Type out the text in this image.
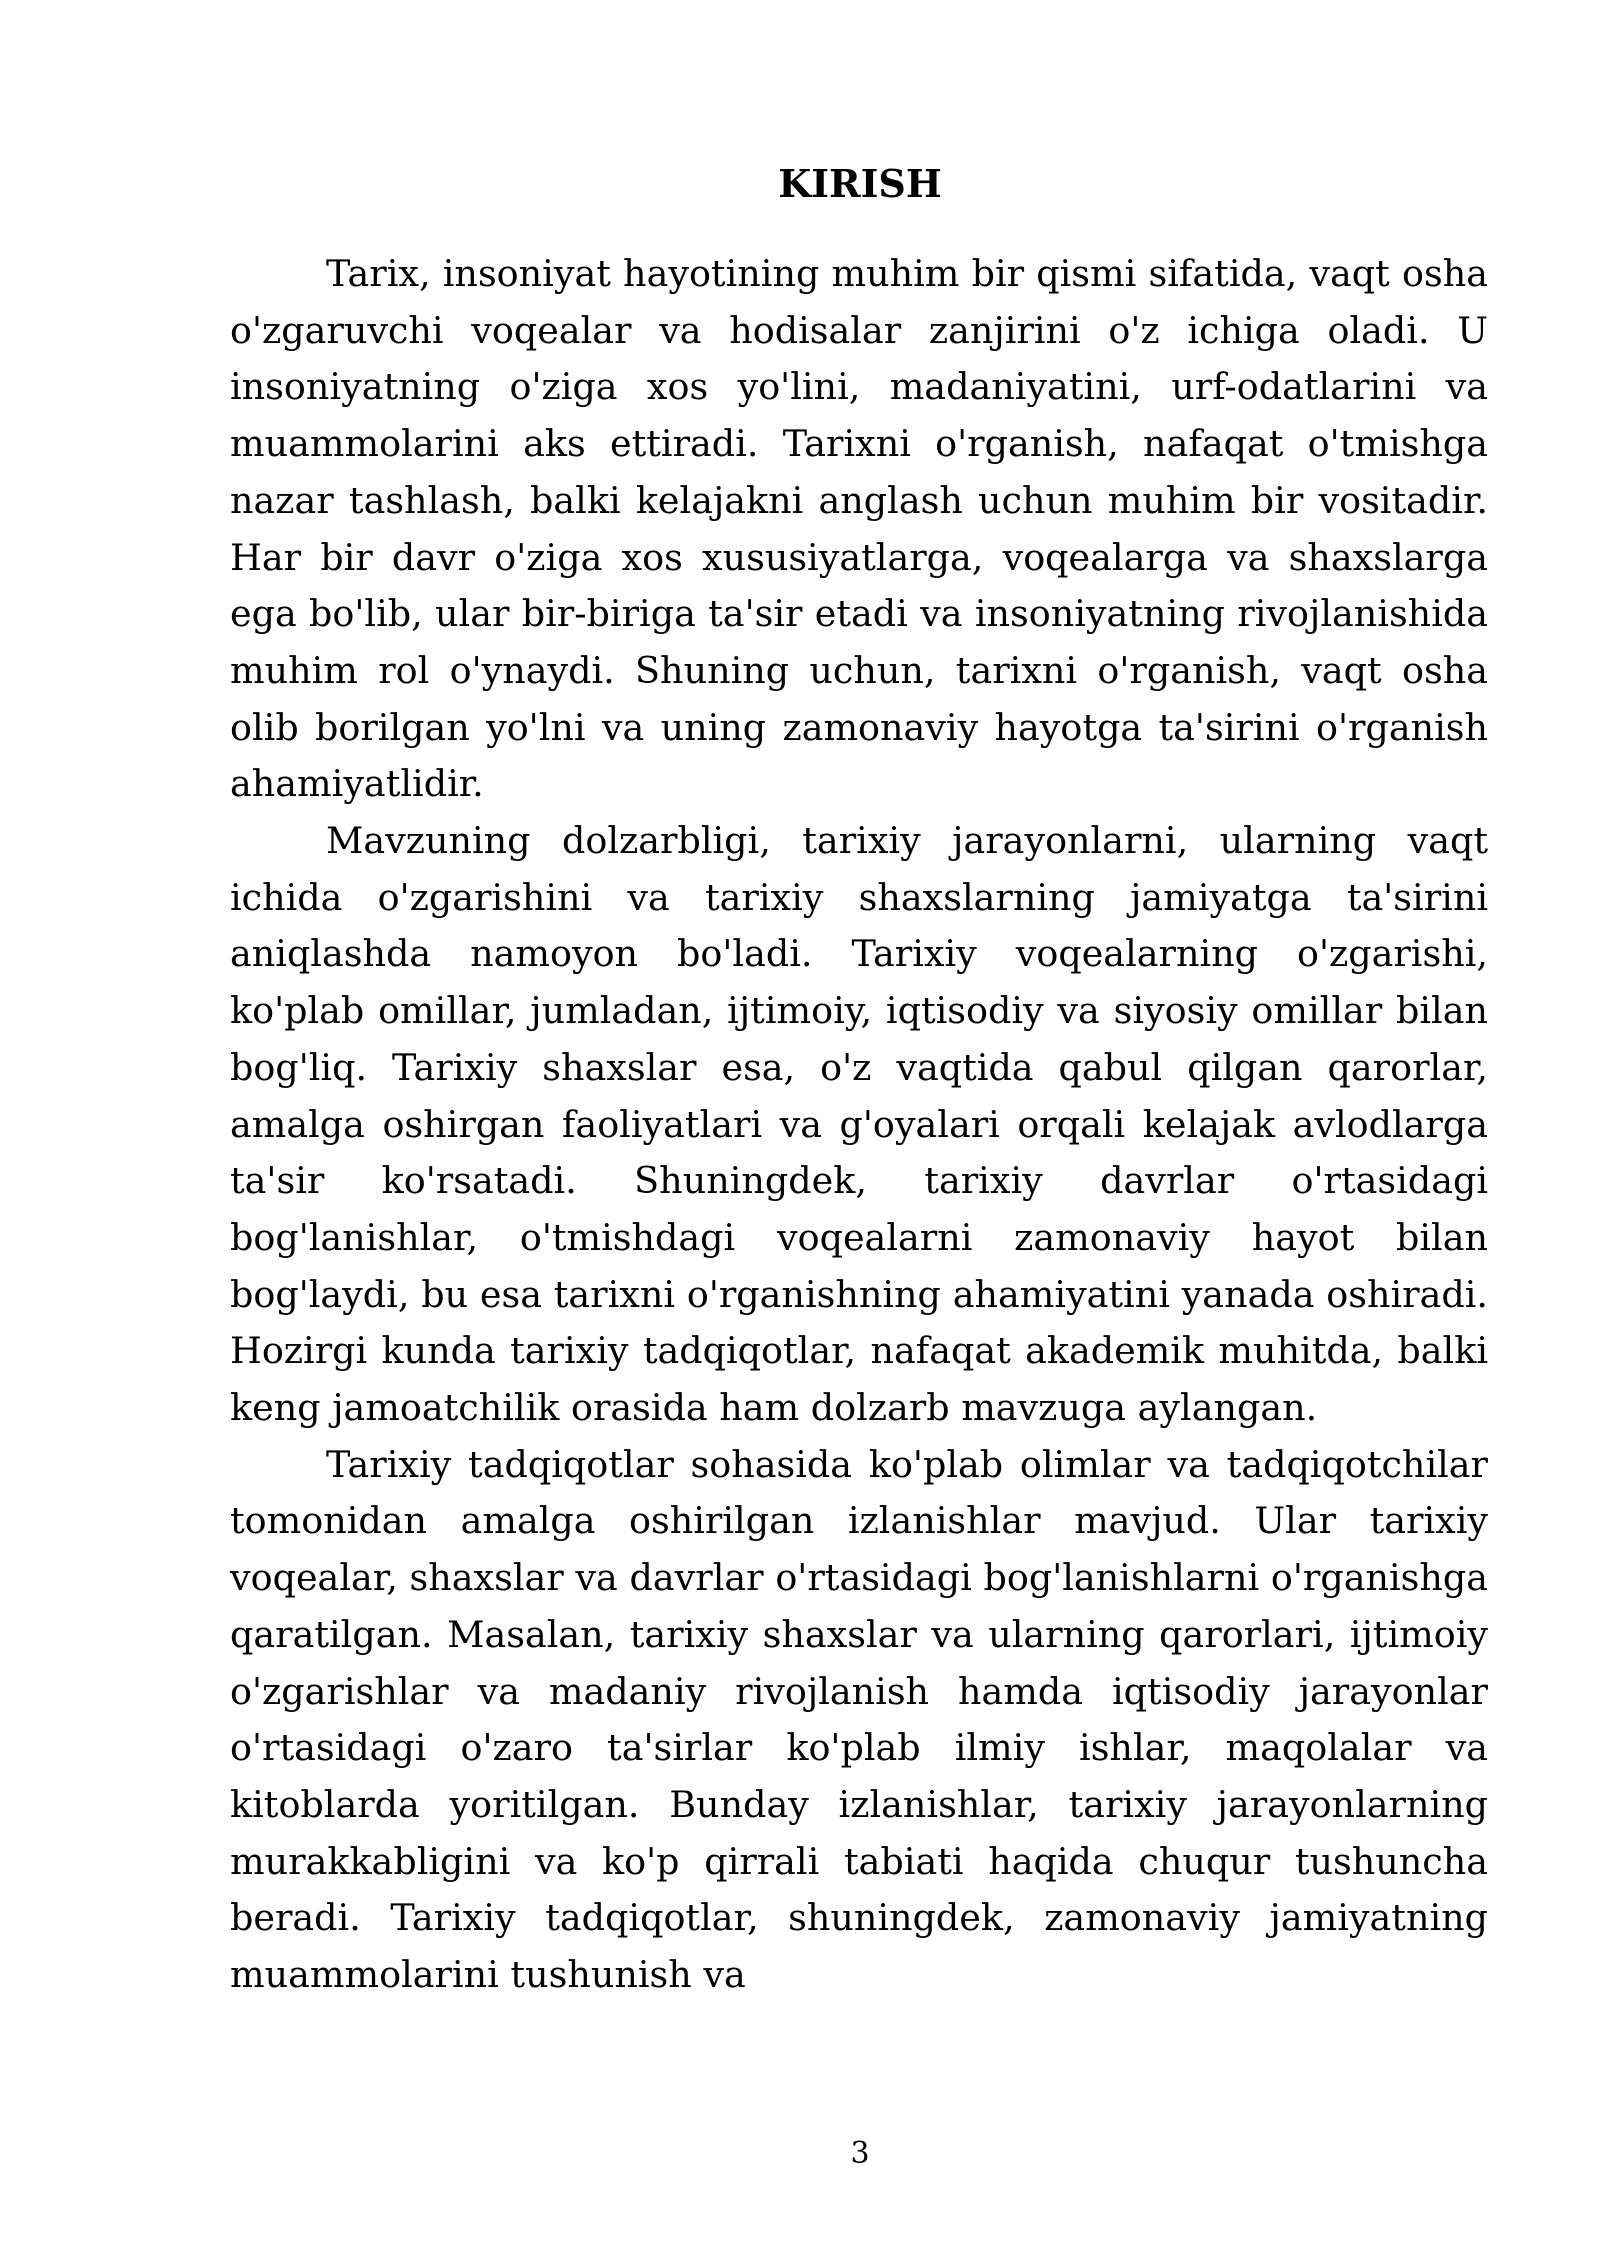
KIRISH

Tarix, insoniyat hayotining muhim bir qismi sifatida, vaqt osha o'zgaruvchi voqealar va hodisalar zanjirini o'z ichiga oladi. U insoniyatning o'ziga xos yo'lini, madaniyatini, urf-odatlarini va muammolarini aks ettiradi. Tarixni o'rganish, nafaqat o'tmishga nazar tashlash, balki kelajakni anglash uchun muhim bir vositadir. Har bir davr o'ziga xos xususiyatlarga, voqealarga va shaxslarga ega bo'lib, ular bir-biriga ta'sir etadi va insoniyatning rivojlanishida muhim rol o'ynaydi. Shuning uchun, tarixni o'rganish, vaqt osha olib borilgan yo'lni va uning zamonaviy hayotga ta'sirini o'rganish ahamiyatlidir.

Mavzuning dolzarbligi, tarixiy jarayonlarni, ularning vaqt ichida o'zgarishini va tarixiy shaxslarning jamiyatga ta'sirini aniqlashda namoyon bo'ladi. Tarixiy voqealarning o'zgarishi, ko'plab omillar, jumladan, ijtimoiy, iqtisodiy va siyosiy omillar bilan bog'liq. Tarixiy shaxslar esa, o'z vaqtida qabul qilgan qarorlar, amalga oshirgan faoliyatlari va g'oyalari orqali kelajak avlodlarga ta'sir ko'rsatadi. Shuningdek, tarixiy davrlar o'rtasidagi bog'lanishlar, o'tmishdagi voqealarni zamonaviy hayot bilan bog'laydi, bu esa tarixni o'rganishning ahamiyatini yanada oshiradi. Hozirgi kunda tarixiy tadqiqotlar, nafaqat akademik muhitda, balki keng jamoatchilik orasida ham dolzarb mavzuga aylangan.

Tarixiy tadqiqotlar sohasida ko'plab olimlar va tadqiqotchilar tomonidan amalga oshirilgan izlanishlar mavjud. Ular tarixiy voqealar, shaxslar va davrlar o'rtasidagi bog'lanishlarni o'rganishga qaratilgan. Masalan, tarixiy shaxslar va ularning qarorlari, ijtimoiy o'zgarishlar va madaniy rivojlanish hamda iqtisodiy jarayonlar o'rtasidagi o'zaro ta'sirlar ko'plab ilmiy ishlar, maqolalar va kitoblarda yoritilgan. Bunday izlanishlar, tarixiy jarayonlarning murakkabligini va ko'p qirrali tabiati haqida chuqur tushuncha beradi. Tarixiy tadqiqotlar, shuningdek, zamonaviy jamiyatning muammolarini tushunish va

3
